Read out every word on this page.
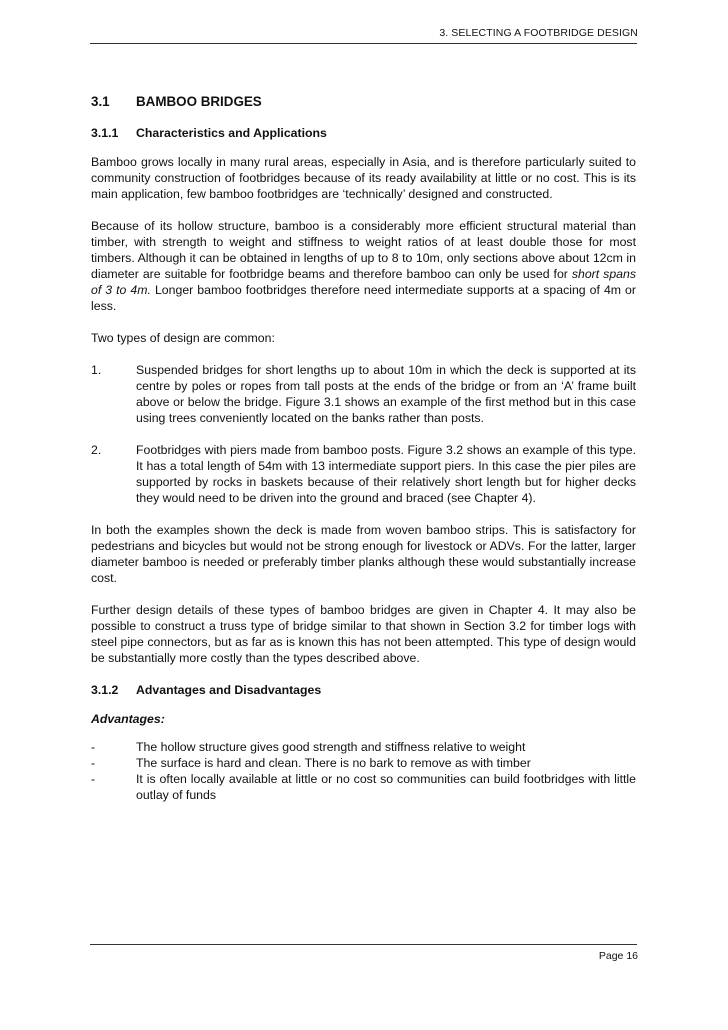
3. SELECTING A FOOTBRIDGE DESIGN
3.1	BAMBOO BRIDGES
3.1.1	Characteristics and Applications

Bamboo grows locally in many rural areas, especially in Asia, and is therefore particularly suited to community construction of footbridges because of its ready availability at little or no cost. This is its main application, few bamboo footbridges are ‘technically’ designed and constructed.

Because of its hollow structure, bamboo is a considerably more efficient structural material than timber, with strength to weight and stiffness to weight ratios of at least double those for most timbers. Although it can be obtained in lengths of up to 8 to 10m, only sections above about 12cm in diameter are suitable for footbridge beams and therefore bamboo can only be used for short spans of 3 to 4m. Longer bamboo footbridges therefore need intermediate supports at a spacing of 4m or less.

Two types of design are common:

1.	Suspended bridges for short lengths up to about 10m in which the deck is supported at its centre by poles or ropes from tall posts at the ends of the bridge or from an ‘A’ frame built above or below the bridge. Figure 3.1 shows an example of the first method but in this case using trees conveniently located on the banks rather than posts.
2.	Footbridges with piers made from bamboo posts. Figure 3.2 shows an example of this type. It has a total length of 54m with 13 intermediate support piers. In this case the pier piles are supported by rocks in baskets because of their relatively short length but for higher decks they would need to be driven into the ground and braced (see Chapter 4).

In both the examples shown the deck is made from woven bamboo strips. This is satisfactory for pedestrians and bicycles but would not be strong enough for livestock or ADVs. For the latter, larger diameter bamboo is needed or preferably timber planks although these would substantially increase cost.

Further design details of these types of bamboo bridges are given in Chapter 4. It may also be possible to construct a truss type of bridge similar to that shown in Section 3.2 for timber logs with steel pipe connectors, but as far as is known this has not been attempted. This type of design would be substantially more costly than the types described above.

3.1.2	Advantages and Disadvantages
Advantages:
-	The hollow structure gives good strength and stiffness relative to weight
-	The surface is hard and clean. There is no bark to remove as with timber
-	It is often locally available at little or no cost so communities can build footbridges with little outlay of funds
Page 16
